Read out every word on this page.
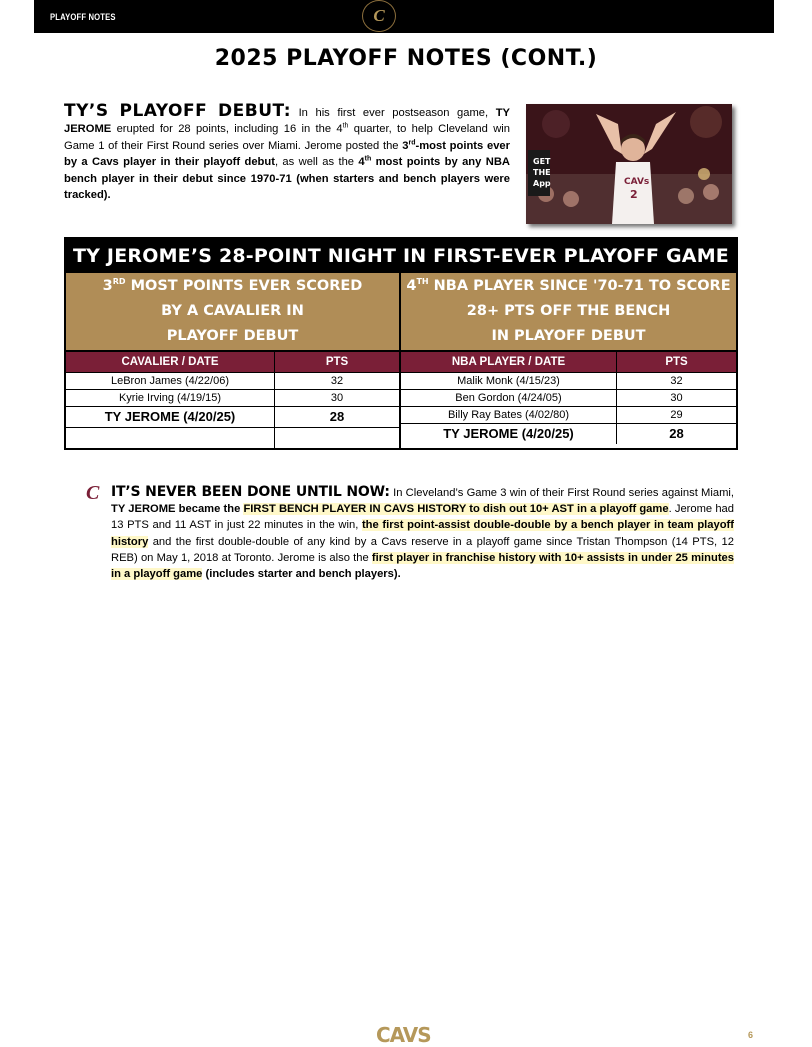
PLAYOFF NOTES	C
2025 PLAYOFF NOTES (CONT.)
TY’S PLAYOFF DEBUT: In his first ever postseason game, TY JEROME erupted for 28 points, including 16 in the 4th quarter, to help Cleveland win Game 1 of their First Round series over Miami. Jerome posted the 3rd-most points ever by a Cavs player in their playoff debut, as well as the 4th most points by any NBA bench player in their debut since 1970-71 (when starters and bench players were tracked).
GET
THE
App	CAVs
2
TY JEROME’S 28-POINT NIGHT IN FIRST-EVER PLAYOFF GAME
3RD MOST POINTS EVER SCORED
BY A CAVALIER IN
PLAYOFF DEBUT
CAVALIER / DATE	PTS
LeBron James (4/22/06)	32
Kyrie Irving (4/19/15)	30
TY JEROME (4/20/25)	28
4TH NBA PLAYER SINCE '70-71 TO SCORE
28+ PTS OFF THE BENCH
IN PLAYOFF DEBUT
NBA PLAYER / DATE	PTS
Malik Monk (4/15/23)	32
Ben Gordon (4/24/05)	30
Billy Ray Bates (4/02/80)	29
TY JEROME (4/20/25)	28
C IT’S NEVER BEEN DONE UNTIL NOW: In Cleveland’s Game 3 win of their First Round series against Miami, TY JEROME became the FIRST BENCH PLAYER IN CAVS HISTORY to dish out 10+ AST in a playoff game. Jerome had 13 PTS and 11 AST in just 22 minutes in the win, the first point-assist double-double by a bench player in team playoff history and the first double-double of any kind by a Cavs reserve in a playoff game since Tristan Thompson (14 PTS, 12 REB) on May 1, 2018 at Toronto. Jerome is also the first player in franchise history with 10+ assists in under 25 minutes in a playoff game (includes starter and bench players).
CAVS	6
